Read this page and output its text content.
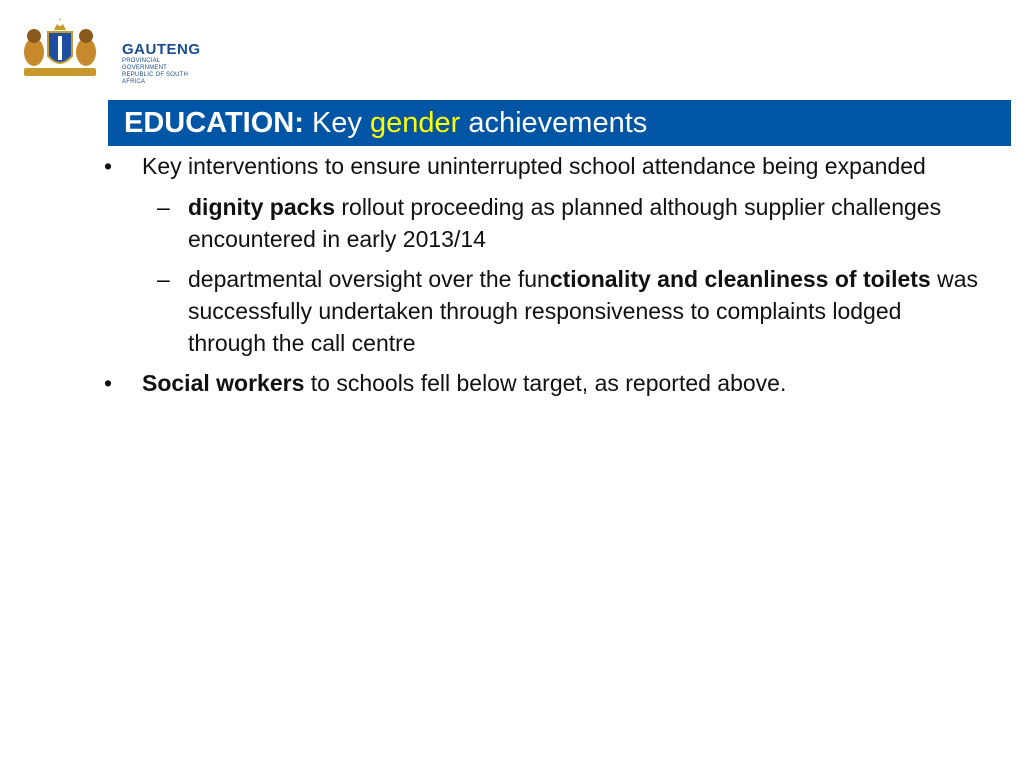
GAUTENG
PROVINCIAL GOVERNMENT
REPUBLIC OF SOUTH AFRICA
EDUCATION: Key gender achievements
• Key interventions to ensure uninterrupted school attendance being expanded
– dignity packs rollout proceeding as planned although supplier challenges encountered in early 2013/14
– departmental oversight over the functionality and cleanliness of toilets was successfully undertaken through responsiveness to complaints lodged through the call centre
• Social workers to schools fell below target, as reported above.
